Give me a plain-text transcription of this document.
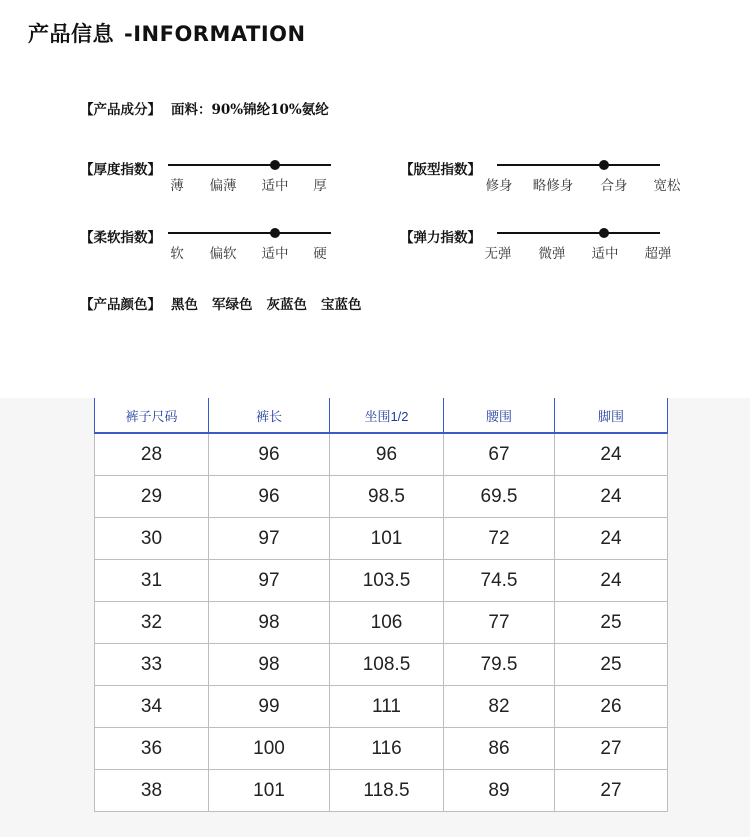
产品信息 -INFORMATION
【产品成分】 面料：90%锦纶10%氨纶
【厚度指数】
薄 偏薄 适中 厚
【版型指数】
修身 略修身 合身 宽松
【柔软指数】
软 偏软 适中 硬
【弹力指数】
无弹 微弹 适中 超弹
【产品颜色】 黑色 军绿色 灰蓝色 宝蓝色
裤子尺码	裤长	坐围1/2	腰围	脚围
28	96	96	67	24
29	96	98.5	69.5	24
30	97	101	72	24
31	97	103.5	74.5	24
32	98	106	77	25
33	98	108.5	79.5	25
34	99	111	82	26
36	100	116	86	27
38	101	118.5	89	27
